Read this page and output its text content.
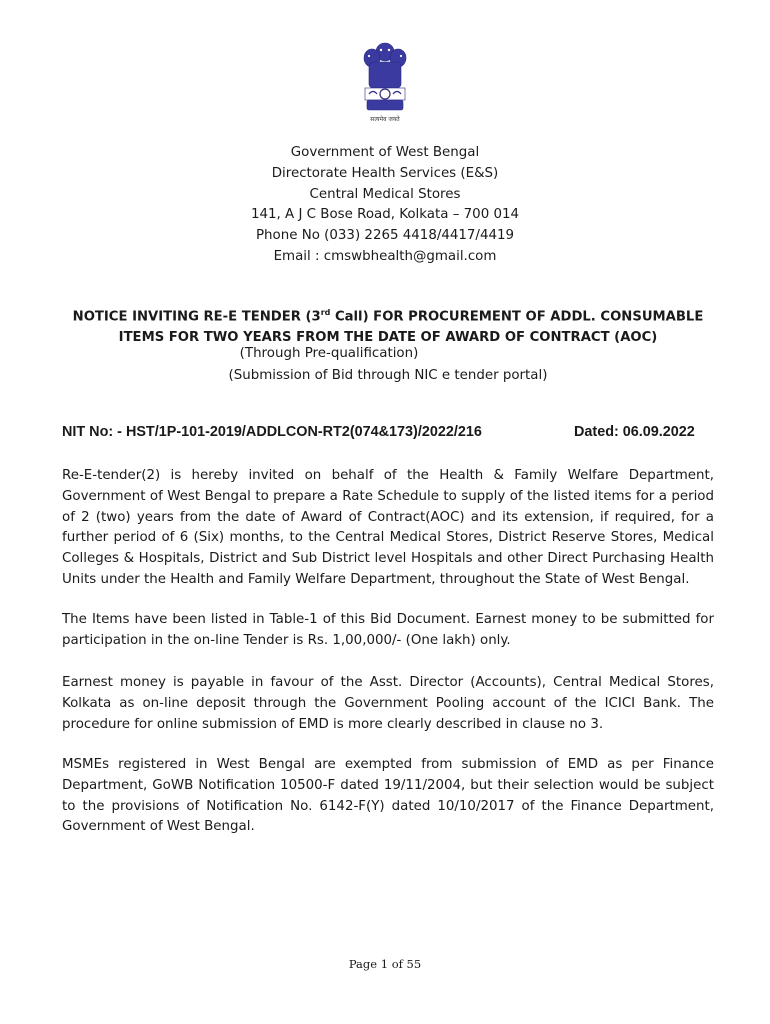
सत्यमेव जयते
Government of West Bengal
Directorate Health Services (E&S)
Central Medical Stores
141, A J C Bose Road, Kolkata – 700 014
Phone No (033) 2265 4418/4417/4419
Email : cmswbhealth@gmail.com
NOTICE INVITING RE-E TENDER (3rd Call) FOR PROCUREMENT OF ADDL. CONSUMABLE ITEMS FOR TWO YEARS FROM THE DATE OF AWARD OF CONTRACT (AOC)
(Through Pre-qualification)
(Submission of Bid through NIC e tender portal)
NIT No: - HST/1P-101-2019/ADDLCON-RT2(074&173)/2022/216	Dated: 06.09.2022
Re-E-tender(2) is hereby invited on behalf of the Health & Family Welfare Department, Government of West Bengal to prepare a Rate Schedule to supply of the listed items for a period of 2 (two) years from the date of Award of Contract(AOC) and its extension, if required, for a further period of 6 (Six) months, to the Central Medical Stores, District Reserve Stores, Medical Colleges & Hospitals, District and Sub District level Hospitals and other Direct Purchasing Health Units under the Health and Family Welfare Department, throughout the State of West Bengal.
The Items have been listed in Table-1 of this Bid Document. Earnest money to be submitted for participation in the on-line Tender is Rs. 1,00,000/- (One lakh) only.
Earnest money is payable in favour of the Asst. Director (Accounts), Central Medical Stores, Kolkata as on-line deposit through the Government Pooling account of the ICICI Bank. The procedure for online submission of EMD is more clearly described in clause no 3.
MSMEs registered in West Bengal are exempted from submission of EMD as per Finance Department, GoWB Notification 10500-F dated 19/11/2004, but their selection would be subject to the provisions of Notification No. 6142-F(Y) dated 10/10/2017 of the Finance Department, Government of West Bengal.
Page 1 of 55
